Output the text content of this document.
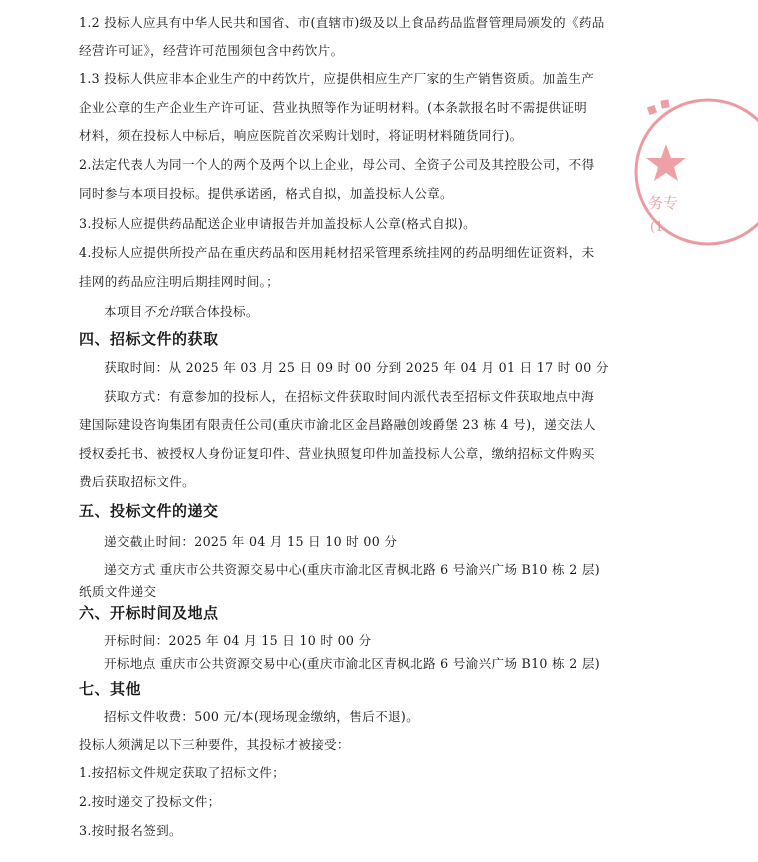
1.2 投标人应具有中华人民共和国省、市(直辖市)级及以上食品药品监督管理局颁发的《药品
经营许可证》，经营许可范围须包含中药饮片。
1.3 投标人供应非本企业生产的中药饮片，应提供相应生产厂家的生产销售资质。加盖生产
企业公章的生产企业生产许可证、营业执照等作为证明材料。(本条款报名时不需提供证明
材料，须在投标人中标后，响应医院首次采购计划时，将证明材料随货同行)。
2.法定代表人为同一个人的两个及两个以上企业，母公司、全资子公司及其控股公司，不得
同时参与本项目投标。提供承诺函，格式自拟，加盖投标人公章。
3.投标人应提供药品配送企业申请报告并加盖投标人公章(格式自拟)。
4.投标人应提供所投产品在重庆药品和医用耗材招采管理系统挂网的药品明细佐证资料，未
挂网的药品应注明后期挂网时间。；
本项目不允许联合体投标。
四、招标文件的获取
获取时间：从 2025 年 03 月 25 日 09 时 00 分到 2025 年 04 月 01 日 17 时 00 分
获取方式：有意参加的投标人，在招标文件获取时间内派代表至招标文件获取地点中海
建国际建设咨询集团有限责任公司(重庆市渝北区金昌路融创竣爵堡 23 栋 4 号)，递交法人
授权委托书、被授权人身份证复印件、营业执照复印件加盖投标人公章，缴纳招标文件购买
费后获取招标文件。
五、投标文件的递交
递交截止时间：2025 年 04 月 15 日 10 时 00 分
递交方式 重庆市公共资源交易中心(重庆市渝北区青枫北路 6 号渝兴广场 B10 栋 2 层)
纸质文件递交
六、开标时间及地点
开标时间：2025 年 04 月 15 日 10 时 00 分
开标地点 重庆市公共资源交易中心(重庆市渝北区青枫北路 6 号渝兴广场 B10 栋 2 层)
七、其他
招标文件收费：500 元/本(现场现金缴纳，售后不退)。
投标人须满足以下三种要件，其投标才被接受：
1.按招标文件规定获取了招标文件；
2.按时递交了投标文件；
3.按时报名签到。
务专
(1
